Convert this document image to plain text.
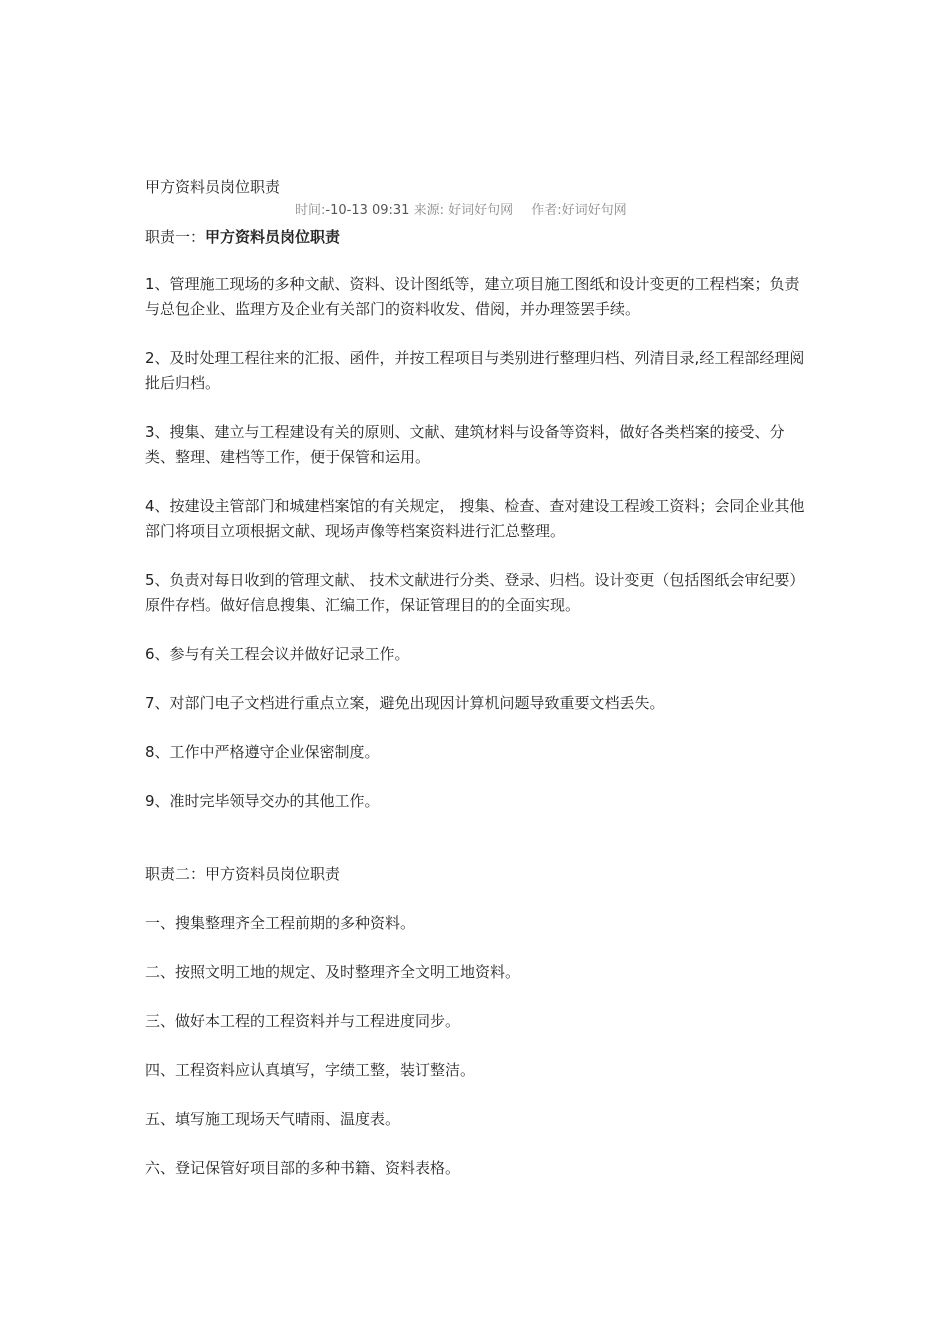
甲方资料员岗位职责

时间:-10-13 09:31 来源: 好词好句网 作者:好词好句网

职责一：甲方资料员岗位职责

1、管理施工现场的多种文献、资料、设计图纸等，建立项目施工图纸和设计变更的工程档案；负责与总包企业、监理方及企业有关部门的资料收发、借阅，并办理签罢手续。

2、及时处理工程往来的汇报、函件，并按工程项目与类别进行整理归档、列清目录,经工程部经理阅批后归档。

3、搜集、建立与工程建设有关的原则、文献、建筑材料与设备等资料，做好各类档案的接受、分类、整理、建档等工作，便于保管和运用。

4、按建设主管部门和城建档案馆的有关规定， 搜集、检查、查对建设工程竣工资料；会同企业其他部门将项目立项根据文献、现场声像等档案资料进行汇总整理。

5、负责对每日收到的管理文献、 技术文献进行分类、登录、归档。设计变更（包括图纸会审纪要）原件存档。做好信息搜集、汇编工作，保证管理目的的全面实现。

6、参与有关工程会议并做好记录工作。

7、对部门电子文档进行重点立案，避免出现因计算机问题导致重要文档丢失。

8、工作中严格遵守企业保密制度。

9、准时完毕领导交办的其他工作。

职责二：甲方资料员岗位职责

一、搜集整理齐全工程前期的多种资料。

二、按照文明工地的规定、及时整理齐全文明工地资料。

三、做好本工程的工程资料并与工程进度同步。

四、工程资料应认真填写，字绩工整，装订整洁。

五、填写施工现场天气晴雨、温度表。

六、登记保管好项目部的多种书籍、资料表格。
